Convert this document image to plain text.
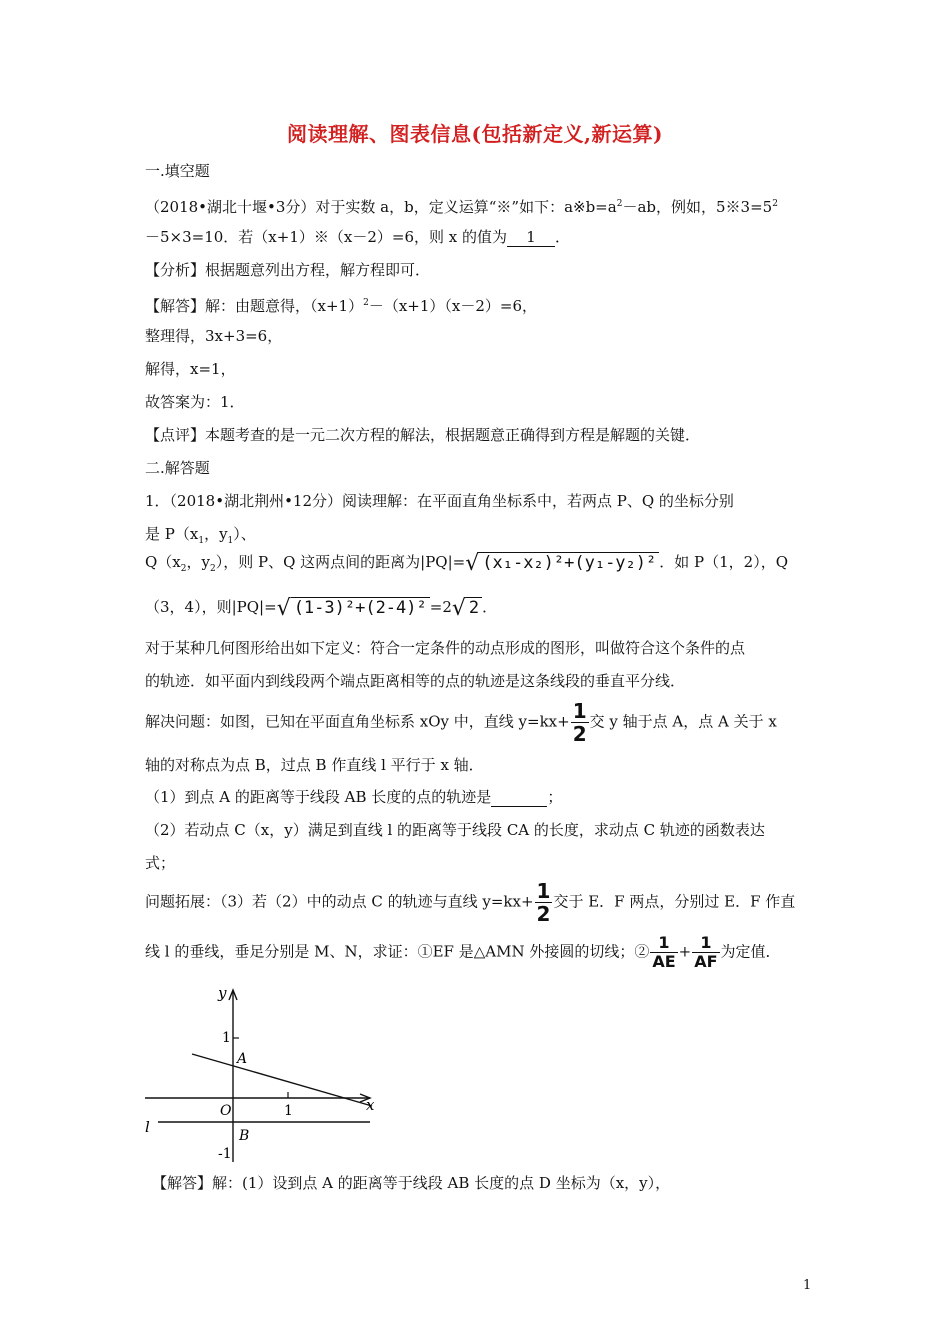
阅读理解、图表信息(包括新定义,新运算)
一.填空题
（2018•湖北十堰•3分）对于实数 a，b，定义运算“※”如下：$a※b=a^2-ab$，例如，$5※3=5^2$
－5×3=10．若（x+1）※（x－2）=6，则 x 的值为 1 ．
【分析】根据题意列出方程，解方程即可．
【解答】解：由题意得，$(x+1)^2-(x+1)(x-2)=6$，
整理得，3x+3=6，
解得，x=1，
故答案为：1．
【点评】本题考查的是一元二次方程的解法，根据题意正确得到方程是解题的关键．
二.解答题
1．（2018•湖北荆州•12分）阅读理解：在平面直角坐标系中，若两点 P、Q 的坐标分别
是 $P(x_1$，$y_1$）、
$Q(x_2$，$y_2$），则 P、Q 这两点间的距离为|PQ|=√ (x₁-x₂)²+(y₁-y₂)² ．如 P（1，2），Q
（3，4），则|PQ|=√ (1-3)²+(2-4)² =2√ 2 ．
对于某种几何图形给出如下定义：符合一定条件的动点形成的图形，叫做符合这个条件的点
的轨迹．如平面内到线段两个端点距离相等的点的轨迹是这条线段的垂直平分线．
解决问题：如图，已知在平面直角坐标系 xOy 中，直线 $y=kx+ \frac{1}{2}$ 交 y 轴于点 A，点 A 关于 x
轴的对称点为点 B，过点 B 作直线 l 平行于 x 轴．
（1）到点 A 的距离等于线段 AB 长度的点的轨迹是	；
（2）若动点 C（x，y）满足到直线 l 的距离等于线段 CA 的长度，求动点 C 轨迹的函数表达
式；
问题拓展：（3）若（2）中的动点 C 的轨迹与直线 $y=kx+ \frac{1}{2}$ 交于 E．F 两点，分别过 E．F 作直
线 l 的垂线，垂足分别是 M、N，求证：①EF 是△AMN 外接圆的切线；② $\frac{1}{AE} + \frac{1}{AF}$ 为定值．
y
x
1
A
O	1
l	B
-1
【解答】解：(1）设到点 A 的距离等于线段 AB 长度的点 D 坐标为（x，y），
1
